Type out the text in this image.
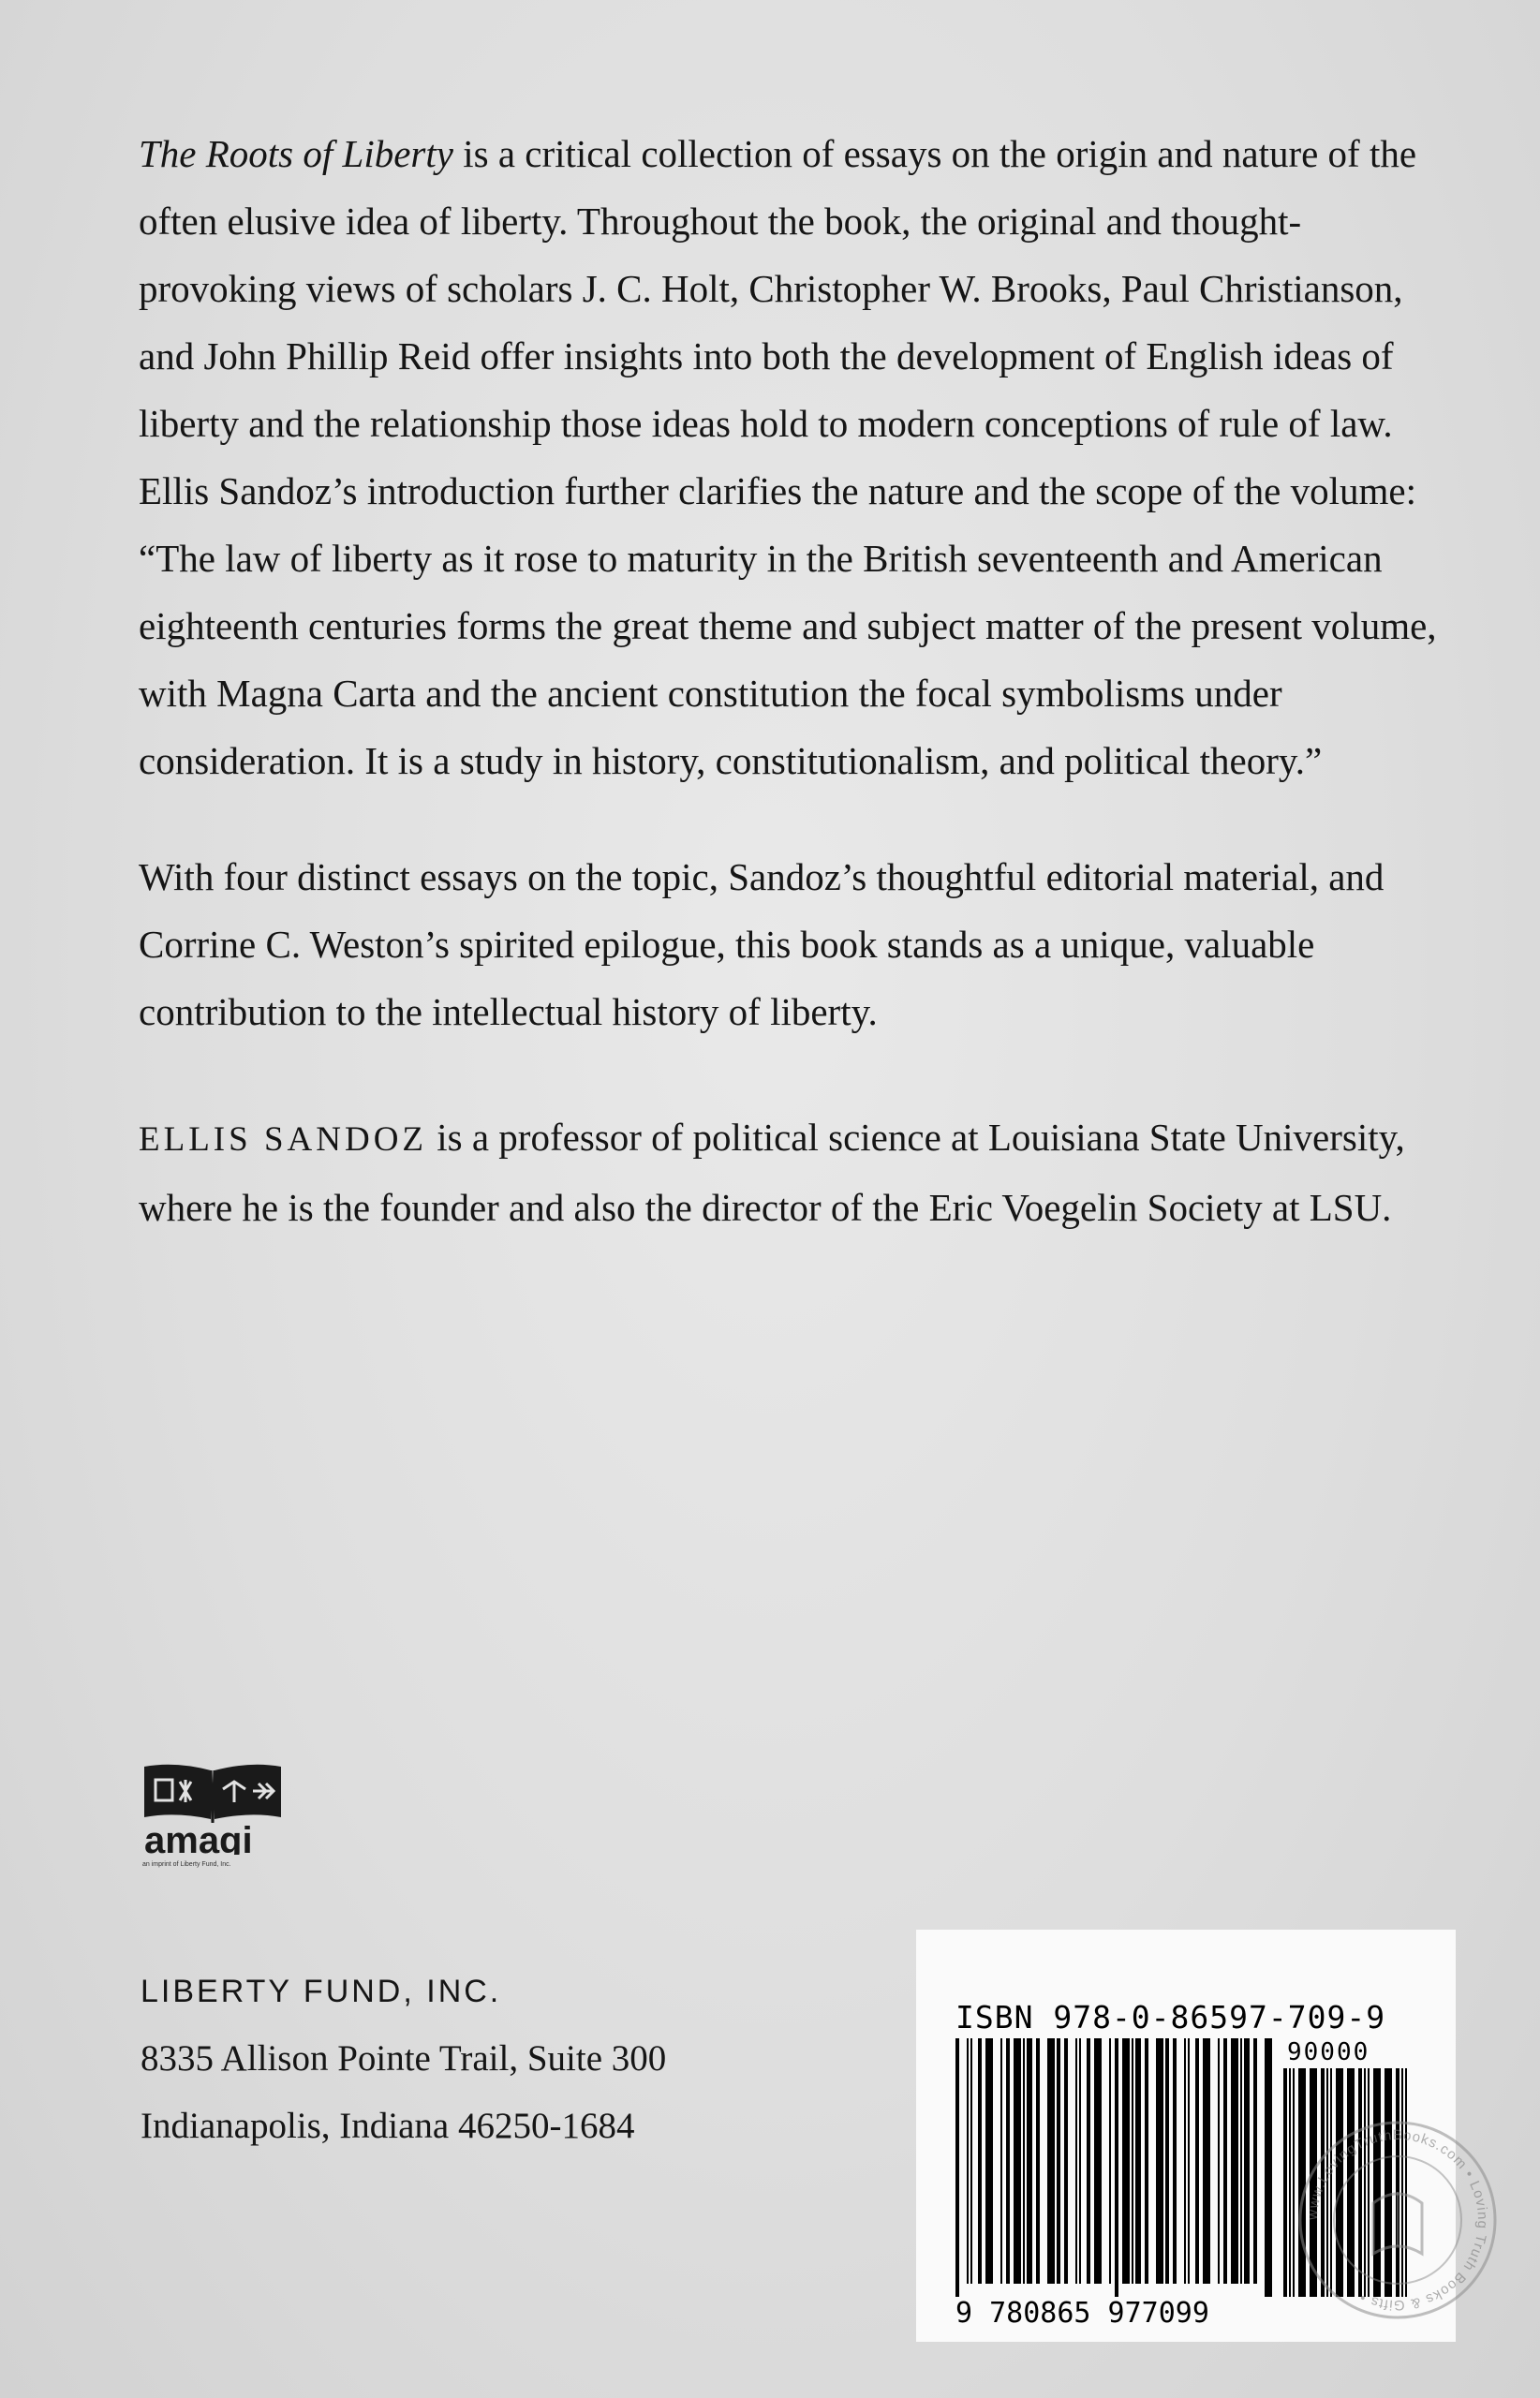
The Roots of Liberty is a critical collection of essays on the origin and nature of the often elusive idea of liberty. Throughout the book, the original and thought-provoking views of scholars J. C. Holt, Christopher W. Brooks, Paul Christianson, and John Phillip Reid offer insights into both the development of English ideas of liberty and the relationship those ideas hold to modern conceptions of rule of law. Ellis Sandoz’s introduction further clarifies the nature and the scope of the volume: “The law of liberty as it rose to maturity in the British seventeenth and American eighteenth centuries forms the great theme and subject matter of the present volume, with Magna Carta and the ancient constitution the focal symbolisms under consideration. It is a study in history, constitutionalism, and political theory.”

With four distinct essays on the topic, Sandoz’s thoughtful editorial material, and Corrine C. Weston’s spirited epilogue, this book stands as a unique, valuable contribution to the intellectual history of liberty.

ELLIS SANDOZ is a professor of political science at Louisiana State University, where he is the founder and also the director of the Eric Voegelin Society at LSU.

amagi
an imprint of Liberty Fund, Inc.
LIBERTY FUND, INC.
8335 Allison Pointe Trail, Suite 300
Indianapolis, Indiana 46250-1684
ISBN 978-0-86597-709-9
90000
9 780865 977099
www.LovingTruthBooks.com • Loving Truth Books & Gifts •
